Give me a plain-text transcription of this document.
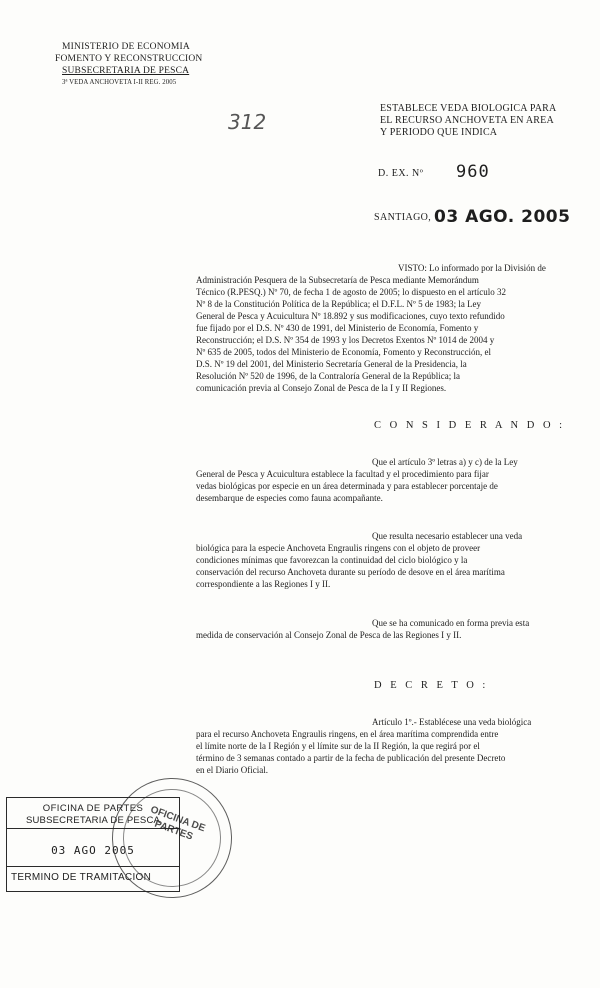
MINISTERIO DE ECONOMIA
FOMENTO Y RECONSTRUCCION
SUBSECRETARIA DE PESCA
3ª VEDA ANCHOVETA I-II REG. 2005
312
ESTABLECE VEDA BIOLOGICA PARA
EL RECURSO ANCHOVETA EN AREA
Y PERIODO QUE INDICA
D. EX. Nº 960
SANTIAGO, 03 AGO. 2005
VISTO: Lo informado por la División de
Administración Pesquera de la Subsecretaría de Pesca mediante Memorándum
Técnico (R.PESQ.) Nº 70, de fecha 1 de agosto de 2005; lo dispuesto en el artículo 32
Nº 8 de la Constitución Política de la República; el D.F.L. Nº 5 de 1983; la Ley
General de Pesca y Acuicultura Nº 18.892 y sus modificaciones, cuyo texto refundido
fue fijado por el D.S. Nº 430 de 1991, del Ministerio de Economía, Fomento y
Reconstrucción; el D.S. Nº 354 de 1993 y los Decretos Exentos Nº 1014 de 2004 y
Nº 635 de 2005, todos del Ministerio de Economía, Fomento y Reconstrucción, el
D.S. Nº 19 del 2001, del Ministerio Secretaría General de la Presidencia, la
Resolución Nº 520 de 1996, de la Contraloría General de la República; la
comunicación previa al Consejo Zonal de Pesca de la I y II Regiones.
C O N S I D E R A N D O :
Que el artículo 3º letras a) y c) de la Ley
General de Pesca y Acuicultura establece la facultad y el procedimiento para fijar
vedas biológicas por especie en un área determinada y para establecer porcentaje de
desembarque de especies como fauna acompañante.
Que resulta necesario establecer una veda
biológica para la especie Anchoveta Engraulis ringens con el objeto de proveer
condiciones mínimas que favorezcan la continuidad del ciclo biológico y la
conservación del recurso Anchoveta durante su período de desove en el área marítima
correspondiente a las Regiones I y II.
Que se ha comunicado en forma previa esta
medida de conservación al Consejo Zonal de Pesca de las Regiones I y II.
D E C R E T O :
Artículo 1º.- Establécese una veda biológica
para el recurso Anchoveta Engraulis ringens, en el área marítima comprendida entre
el límite norte de la I Región y el límite sur de la II Región, la que regirá por el
término de 3 semanas contado a partir de la fecha de publicación del presente Decreto
en el Diario Oficial.
OFICINA DE PARTES
SUBSECRETARIA DE PESCA
03 AGO 2005
TERMINO DE TRAMITACION
OFICINA DE PARTES
